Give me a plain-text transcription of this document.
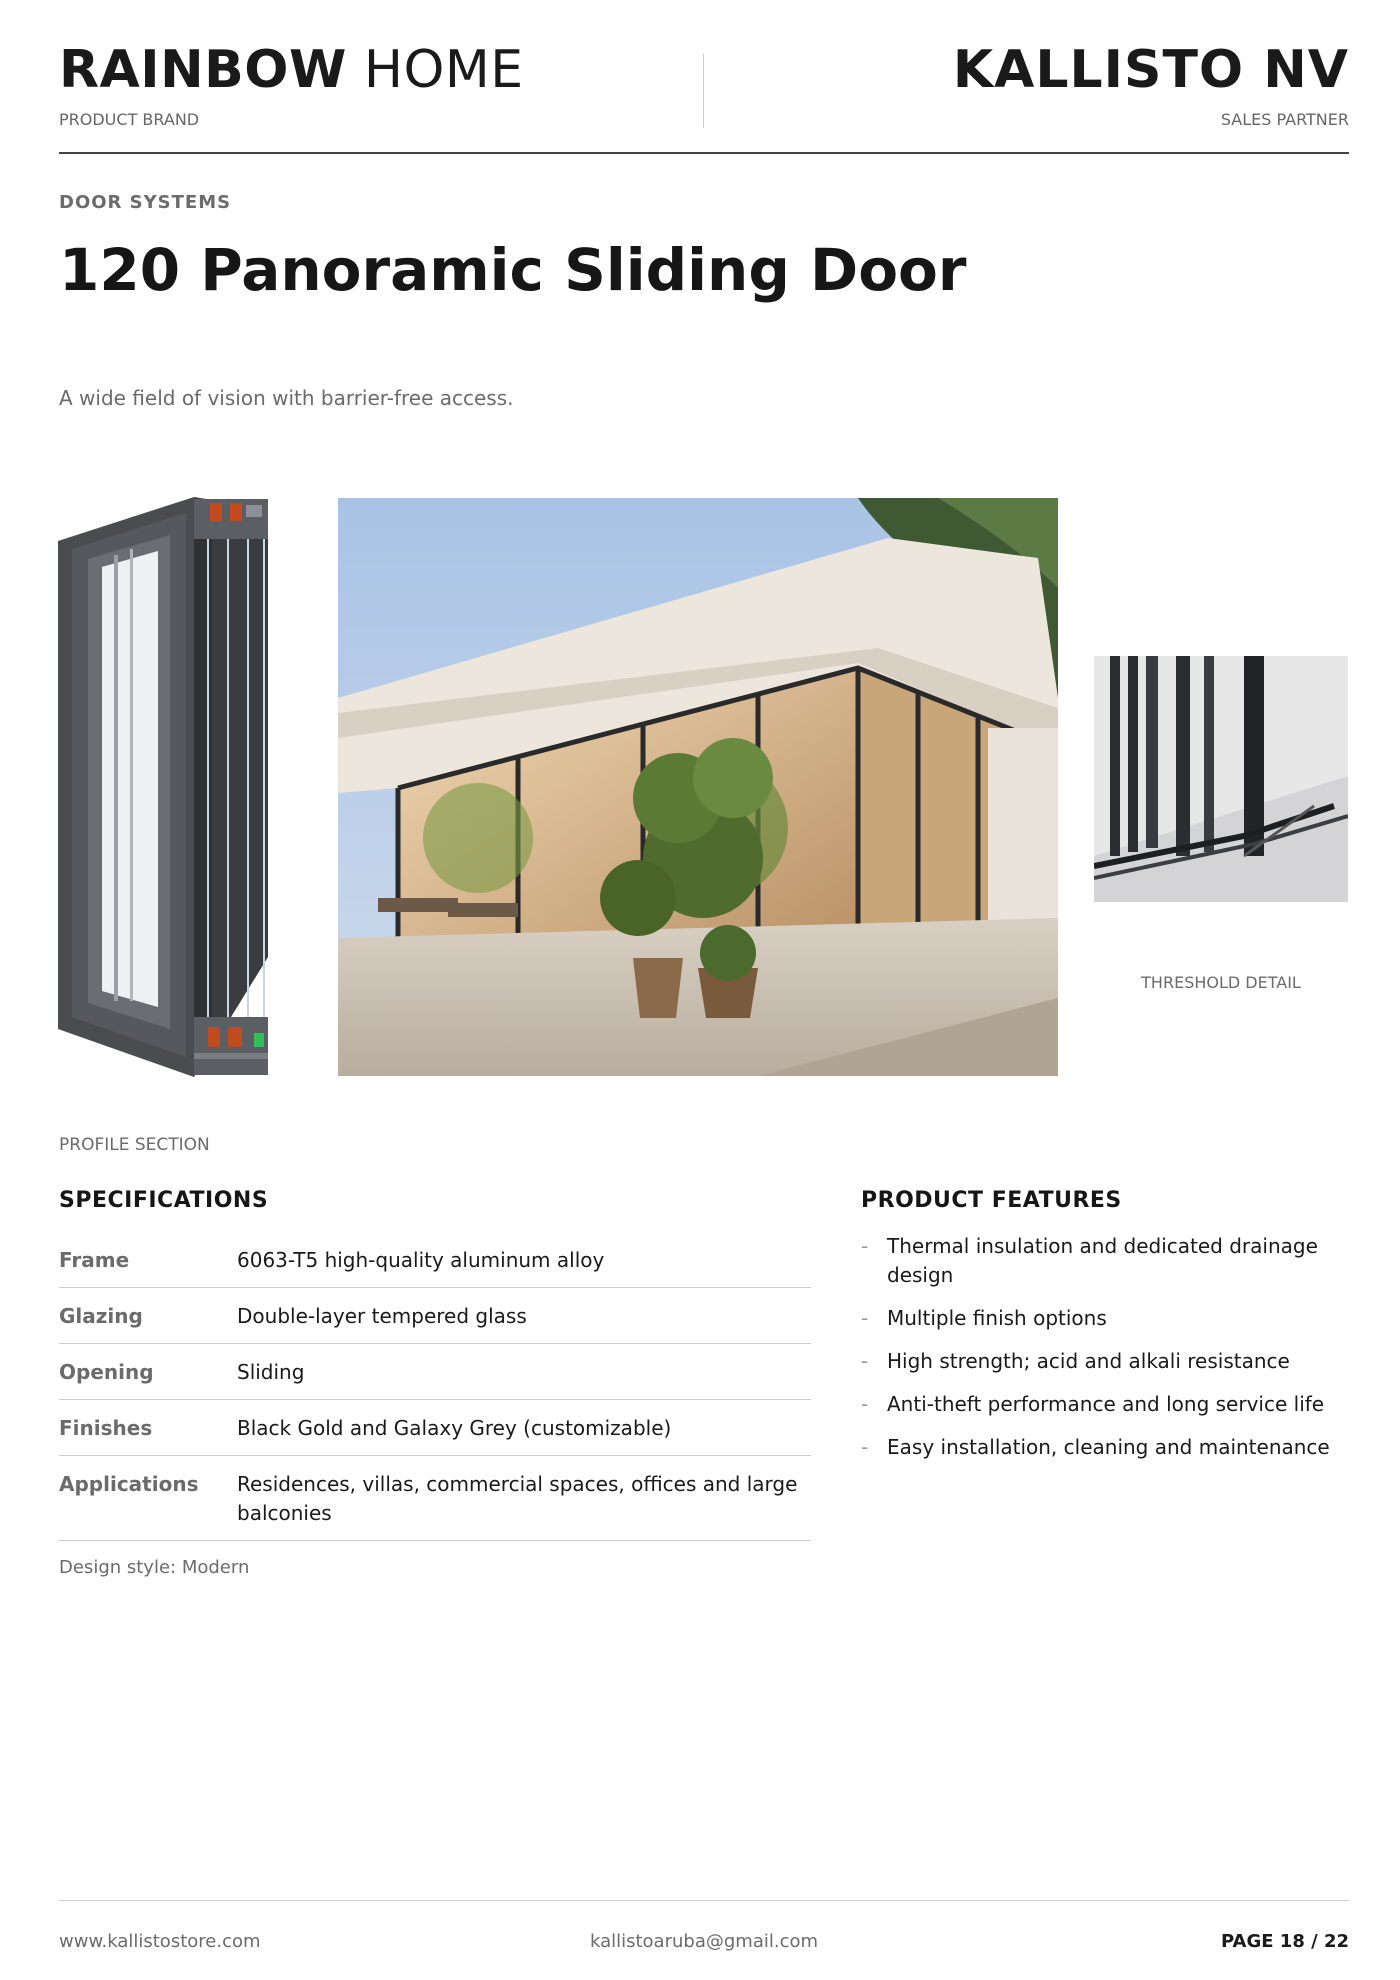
RAINBOW HOME
PRODUCT BRAND
KALLISTO NV
SALES PARTNER
DOOR SYSTEMS
120 Panoramic Sliding Door
A wide field of vision with barrier-free access.
THRESHOLD DETAIL
PROFILE SECTION
SPECIFICATIONS
Frame	6063-T5 high-quality aluminum alloy
Glazing	Double-layer tempered glass
Opening	Sliding
Finishes	Black Gold and Galaxy Grey (customizable)
Applications	Residences, villas, commercial spaces, offices and large balconies
Design style: Modern
PRODUCT FEATURES
- Thermal insulation and dedicated drainage design
- Multiple finish options
- High strength; acid and alkali resistance
- Anti-theft performance and long service life
- Easy installation, cleaning and maintenance
kallistoaruba@gmail.com
www.kallistostore.com	PAGE 18 / 22
